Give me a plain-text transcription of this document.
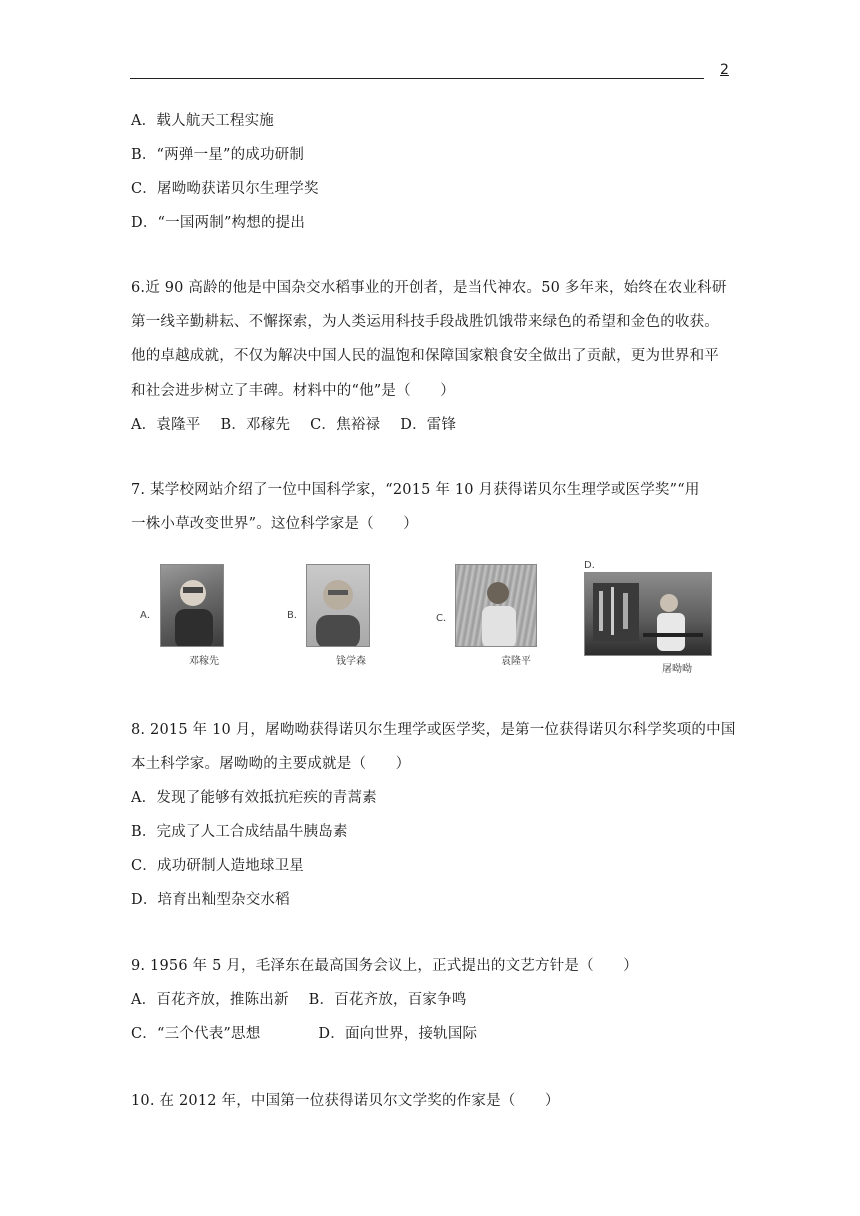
2
A．载人航天工程实施
B．“两弹一星”的成功研制
C．屠呦呦获诺贝尔生理学奖
D．“一国两制”构想的提出
6.近 90 高龄的他是中国杂交水稻事业的开创者，是当代神农。50 多年来，始终在农业科研
第一线辛勤耕耘、不懈探索，为人类运用科技手段战胜饥饿带来绿色的希望和金色的收获。
他的卓越成就，不仅为解决中国人民的温饱和保障国家粮食安全做出了贡献，更为世界和平
和社会进步树立了丰碑。材料中的“他”是（　　）
A．袁隆平 B．邓稼先 C．焦裕禄 D．雷锋
7. 某学校网站介绍了一位中国科学家，“2015 年 10 月获得诺贝尔生理学或医学奖”“用
一株小草改变世界”。这位科学家是（　　）
A．
邓稼先
B．
钱学森
C．
袁隆平
D．
屠呦呦
8. 2015 年 10 月，屠呦呦获得诺贝尔生理学或医学奖，是第一位获得诺贝尔科学奖项的中国
本土科学家。屠呦呦的主要成就是（　　）
A．发现了能够有效抵抗疟疾的青蒿素
B．完成了人工合成结晶牛胰岛素
C．成功研制人造地球卫星
D．培育出籼型杂交水稻
9. 1956 年 5 月，毛泽东在最高国务会议上，正式提出的文艺方针是（　　）
A．百花齐放，推陈出新 B．百花齐放，百家争鸣
C．“三个代表”思想	D．面向世界，接轨国际
10. 在 2012 年，中国第一位获得诺贝尔文学奖的作家是（　　）
